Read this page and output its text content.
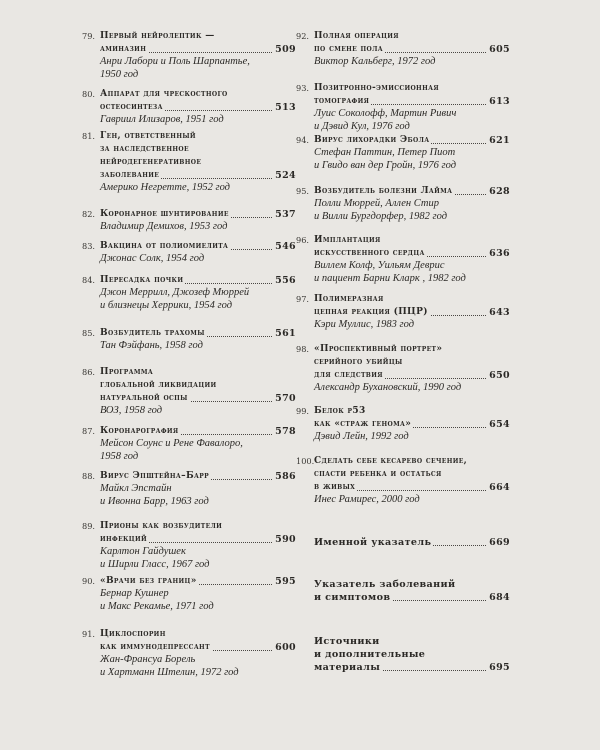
79. Первый нейролептик —
аминазин	509
Анри Лабори и Поль Шарпантье,
1950 год
80. Аппарат для чрескостного
остеосинтеза	513
Гавриил Илизаров, 1951 год
81. Ген, ответственный
за наследственное
нейродегенеративное
заболевание	524
Америко Негретте, 1952 год
82. Коронарное шунтирование	537
Владимир Демихов, 1953 год
83. Вакцина от полиомиелита	546
Джонас Солк, 1954 год
84. Пересадка почки	556
Джон Меррилл, Джозеф Мюррей
и близнецы Херрики, 1954 год
85. Возбудитель трахомы	561
Тан Фэйфань, 1958 год
86. Программа
глобальной ликвидации
натуральной оспы	570
ВОЗ, 1958 год
87. Коронарография	578
Мейсон Соунс и Рене Фавалоро,
1958 год
88. Вирус Эпштейна–Барр	586
Майкл Эпстайн
и Ивонна Барр, 1963 год
89. Прионы как возбудители
инфекций	590
Карлтон Гайдушек
и Ширли Гласс, 1967 год
90. «Врачи без границ»	595
Бернар Кушнер
и Макс Рекамье, 1971 год
91. Циклоспорин
как иммунодепрессант	600
Жан-Франсуа Борель
и Хартманн Штелин, 1972 год
92. Полная операция
по смене пола	605
Виктор Кальберг, 1972 год
93. Позитронно-эмиссионная
томография	613
Луис Соколофф, Мартин Ривич
и Дэвид Кул, 1976 год
94. Вирус лихорадки Эбола	621
Стефан Паттин, Петер Пиот
и Гвидо ван дер Гройн, 1976 год
95. Возбудитель болезни Лайма	628
Полли Мюррей, Аллен Стир
и Вилли Бургдорфер, 1982 год
96. Имплантация
искусственного сердца	636
Виллем Колф, Уильям Деврис
и пациент Барни Кларк , 1982 год
97. Полимеразная
цепная реакция (ПЦР)	643
Кэри Муллис, 1983 год
98. «Проспективный портрет»
серийного убийцы
для следствия	650
Александр Бухановский, 1990 год
99. Белок p53
как «страж генома»	654
Дэвид Лейн, 1992 год
100. Сделать себе кесарево сечение,
спасти ребенка и остаться
в живых	664
Инес Рамирес, 2000 год
Именной указатель	669
Указатель заболеваний
и симптомов	684
Источники
и дополнительные
материалы	695
